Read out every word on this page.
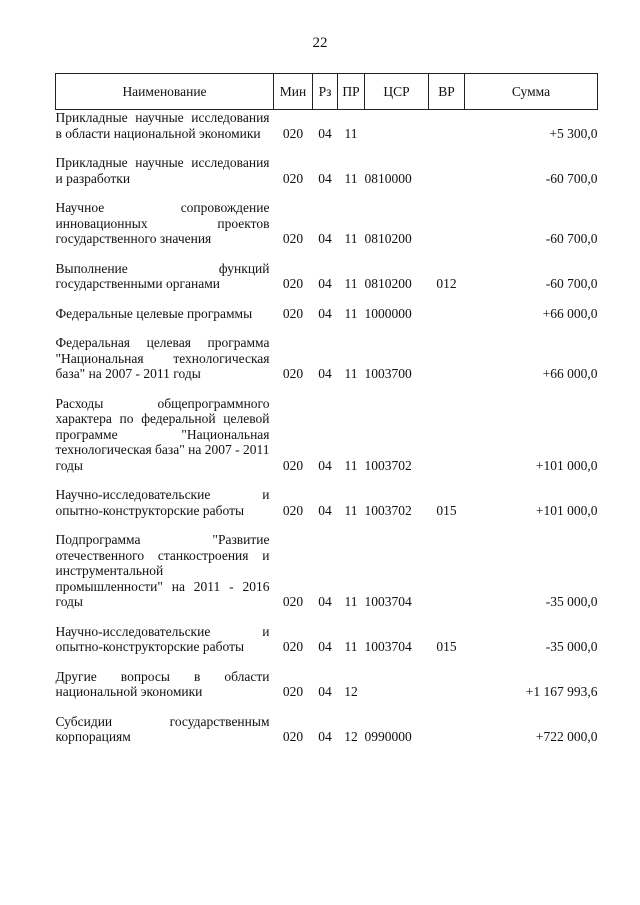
22
Наименование	Мин	Рз	ПР	ЦСР	ВР	Сумма
Прикладные научные исследования в области национальной экономики	020	04	11			+5 300,0
Прикладные научные исследования и разработки	020	04	11	0810000		-60 700,0
Научное сопровождение инновационных проектов государственного значения	020	04	11	0810200		-60 700,0
Выполнение функций государственными органами	020	04	11	0810200	012	-60 700,0
Федеральные целевые программы	020	04	11	1000000		+66 000,0
Федеральная целевая программа "Национальная технологическая база" на 2007 - 2011 годы	020	04	11	1003700		+66 000,0
Расходы общепрограммного характера по федеральной целевой программе "Национальная технологическая база" на 2007 - 2011 годы	020	04	11	1003702		+101 000,0
Научно-исследовательские и опытно-конструкторские работы	020	04	11	1003702	015	+101 000,0
Подпрограмма "Развитие отечественного станкостроения и инструментальной промышленности" на 2011 - 2016 годы	020	04	11	1003704		-35 000,0
Научно-исследовательские и опытно-конструкторские работы	020	04	11	1003704	015	-35 000,0
Другие вопросы в области национальной экономики	020	04	12			+1 167 993,6
Субсидии государственным корпорациям	020	04	12	0990000		+722 000,0
